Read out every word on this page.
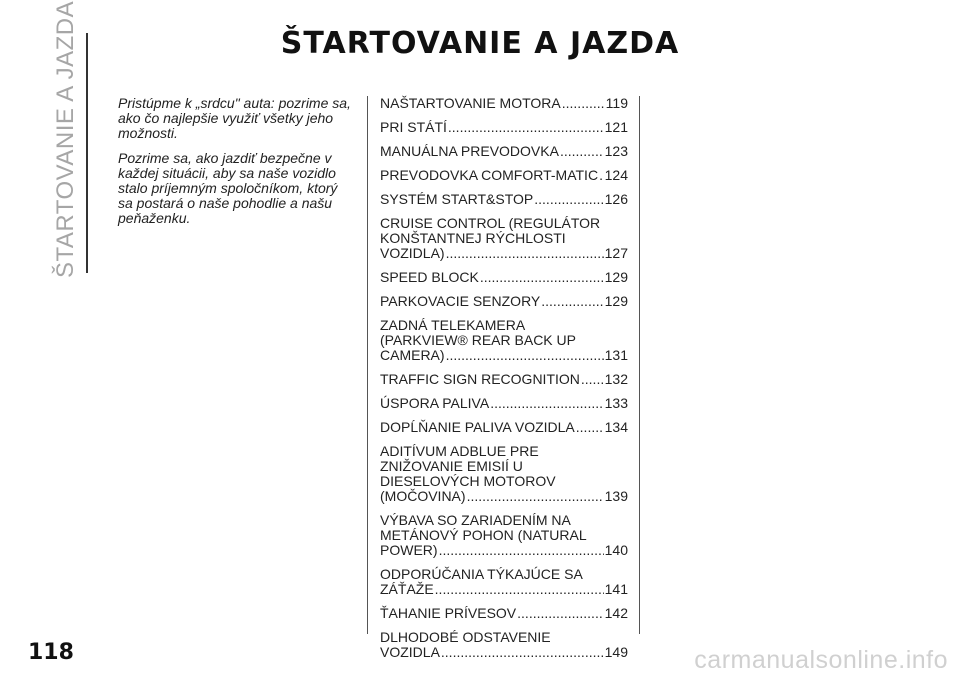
ŠTARTOVANIE A JAZDA	ŠTARTOVANIE A JAZDA

Pristúpme k „srdcu" auta: pozrime sa, ako čo najlepšie využiť všetky jeho možnosti.

Pozrime sa, ako jazdiť bezpečne v každej situácii, aby sa naše vozidlo stalo príjemným spoločníkom, ktorý sa postará o naše pohodlie a našu peňaženku.

NAŠTARTOVANIE MOTORA .....	119
PRI STÁTÍ .....	121
MANUÁLNA PREVODOVKA .....	123
PREVODOVKA COMFORT-MATIC ..... 124
SYSTÉM START&STOP .....	126
CRUISE CONTROL (REGULÁTOR
KONŠTANTNEJ RÝCHLOSTI
VOZIDLA) .....	127
SPEED BLOCK .....	129
PARKOVACIE SENZORY .....	129
ZADNÁ TELEKAMERA
(PARKVIEW® REAR BACK UP
CAMERA) .....	131
TRAFFIC SIGN RECOGNITION ..... 132
ÚSPORA PALIVA .....	133
DOPĹŇANIE PALIVA VOZIDLA ..... 134
ADITÍVUM ADBLUE PRE
ZNIŽOVANIE EMISIÍ U
DIESELOVÝCH MOTOROV
(MOČOVINA) .....	139
VÝBAVA SO ZARIADENÍM NA
METÁNOVÝ POHON (NATURAL
POWER) .....	140
ODPORÚČANIA TÝKAJÚCE SA
ZÁŤAŽE .....	141
ŤAHANIE PRÍVESOV .....	142
DLHODOBÉ ODSTAVENIE
VOZIDLA .....	149
118	carmanualsonline.info
